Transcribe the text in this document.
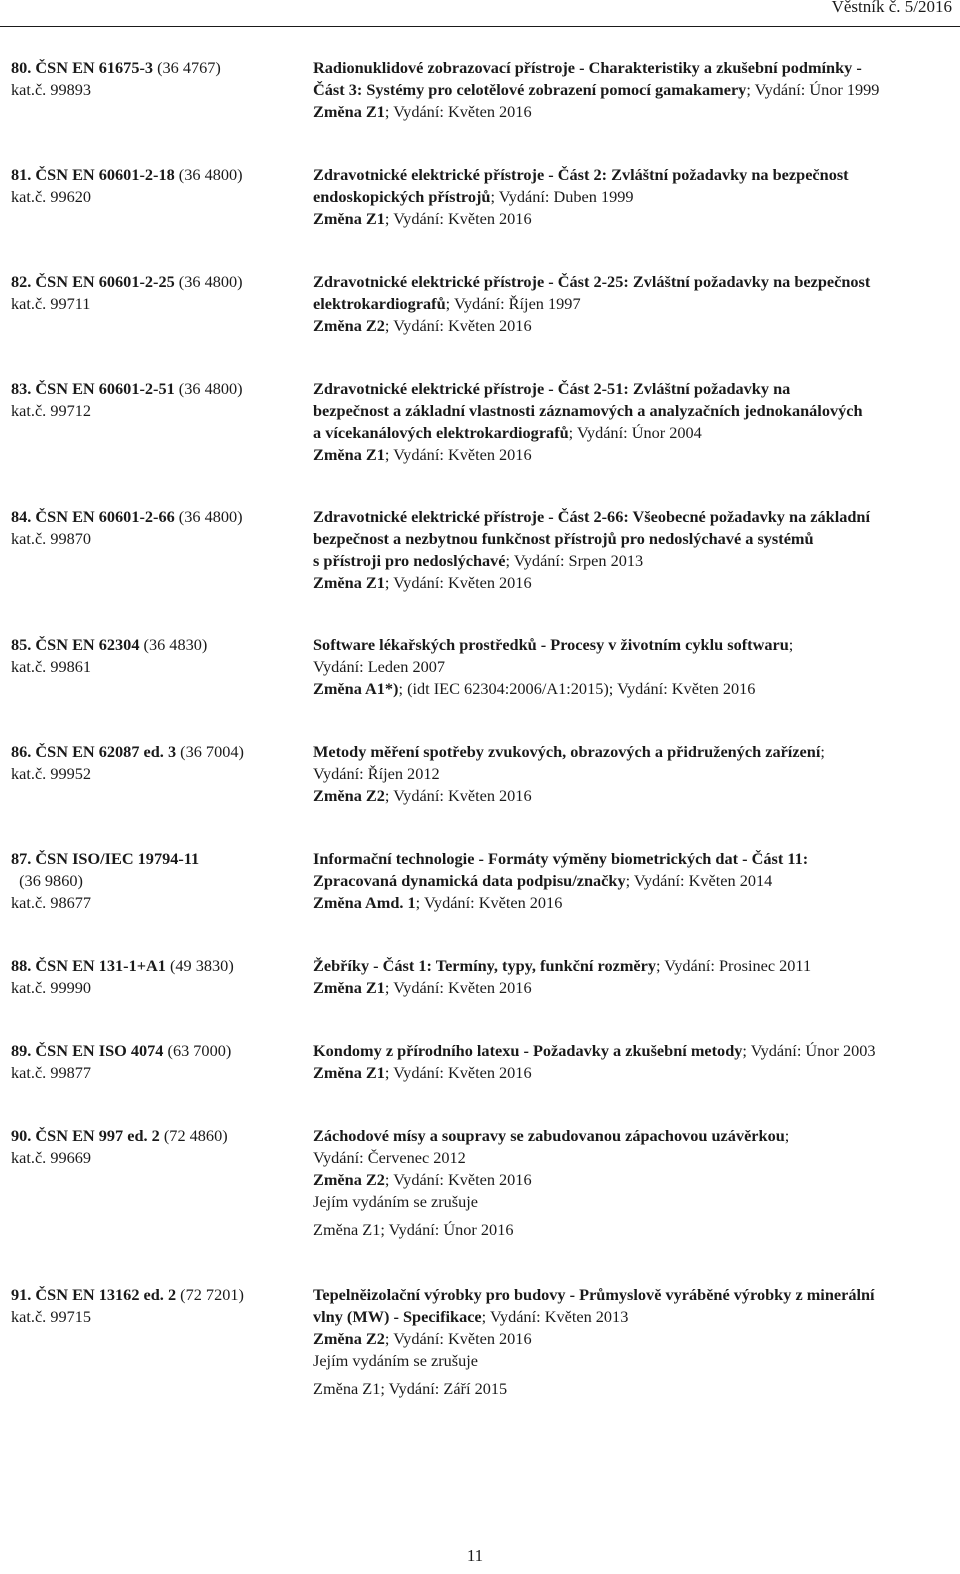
Věstník č. 5/2016
80. ČSN EN 61675-3 (36 4767)
kat.č. 99893
Radionuklidové zobrazovací přístroje - Charakteristiky a zkušební podmínky -
Část 3: Systémy pro celotělové zobrazení pomocí gamakamery; Vydání: Únor 1999
Změna Z1; Vydání: Květen 2016
81. ČSN EN 60601-2-18 (36 4800)
kat.č. 99620
Zdravotnické elektrické přístroje - Část 2: Zvláštní požadavky na bezpečnost
endoskopických přístrojů; Vydání: Duben 1999
Změna Z1; Vydání: Květen 2016
82. ČSN EN 60601-2-25 (36 4800)
kat.č. 99711
Zdravotnické elektrické přístroje - Část 2-25: Zvláštní požadavky na bezpečnost
elektrokardiografů; Vydání: Říjen 1997
Změna Z2; Vydání: Květen 2016
83. ČSN EN 60601-2-51 (36 4800)
kat.č. 99712
Zdravotnické elektrické přístroje - Část 2-51: Zvláštní požadavky na
bezpečnost a základní vlastnosti záznamových a analyzačních jednokanálových
a vícekanálových elektrokardiografů; Vydání: Únor 2004
Změna Z1; Vydání: Květen 2016
84. ČSN EN 60601-2-66 (36 4800)
kat.č. 99870
Zdravotnické elektrické přístroje - Část 2-66: Všeobecné požadavky na základní
bezpečnost a nezbytnou funkčnost přístrojů pro nedoslýchavé a systémů
s přístroji pro nedoslýchavé; Vydání: Srpen 2013
Změna Z1; Vydání: Květen 2016
85. ČSN EN 62304 (36 4830)
kat.č. 99861
Software lékařských prostředků - Procesy v životním cyklu softwaru;
Vydání: Leden 2007
Změna A1*); (idt IEC 62304:2006/A1:2015); Vydání: Květen 2016
86. ČSN EN 62087 ed. 3 (36 7004)
kat.č. 99952
Metody měření spotřeby zvukových, obrazových a přidružených zařízení;
Vydání: Říjen 2012
Změna Z2; Vydání: Květen 2016
87. ČSN ISO/IEC 19794-11
(36 9860)
kat.č. 98677
Informační technologie - Formáty výměny biometrických dat - Část 11:
Zpracovaná dynamická data podpisu/značky; Vydání: Květen 2014
Změna Amd. 1; Vydání: Květen 2016
88. ČSN EN 131-1+A1 (49 3830)
kat.č. 99990
Žebříky - Část 1: Termíny, typy, funkční rozměry; Vydání: Prosinec 2011
Změna Z1; Vydání: Květen 2016
89. ČSN EN ISO 4074 (63 7000)
kat.č. 99877
Kondomy z přírodního latexu - Požadavky a zkušební metody; Vydání: Únor 2003
Změna Z1; Vydání: Květen 2016
90. ČSN EN 997 ed. 2 (72 4860)
kat.č. 99669
Záchodové mísy a soupravy se zabudovanou zápachovou uzávěrkou;
Vydání: Červenec 2012
Změna Z2; Vydání: Květen 2016
Jejím vydáním se zrušuje
Změna Z1; Vydání: Únor 2016
91. ČSN EN 13162 ed. 2 (72 7201)
kat.č. 99715
Tepelněizolační výrobky pro budovy - Průmyslově vyráběné výrobky z minerální
vlny (MW) - Specifikace; Vydání: Květen 2013
Změna Z2; Vydání: Květen 2016
Jejím vydáním se zrušuje
Změna Z1; Vydání: Září 2015
11
